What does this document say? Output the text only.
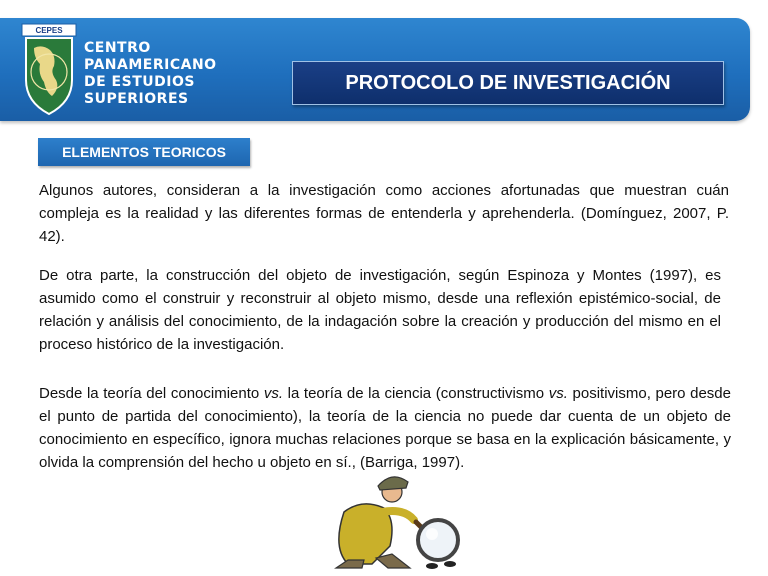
CEPES
CENTRO
PANAMERICANO
DE ESTUDIOS
SUPERIORES
PROTOCOLO DE INVESTIGACIÓN
ELEMENTOS TEORICOS

Algunos autores, consideran a la investigación como acciones afortunadas que muestran cuán compleja es la realidad y las diferentes formas de entenderla y aprehenderla. (Domínguez, 2007, P. 42).

De otra parte, la construcción del objeto de investigación, según Espinoza y Montes (1997), es asumido como el construir y reconstruir al objeto mismo, desde una reflexión epistémico-social, de relación y análisis del conocimiento, de la indagación sobre la creación y producción del mismo en el proceso histórico de la investigación.

Desde la teoría del conocimiento vs. la teoría de la ciencia (constructivismo vs. positivismo, pero desde el punto de partida del conocimiento), la teoría de la ciencia no puede dar cuenta de un objeto de conocimiento en específico, ignora muchas relaciones porque se basa en la explicación básicamente, y olvida la comprensión del hecho u objeto en sí., (Barriga, 1997).
